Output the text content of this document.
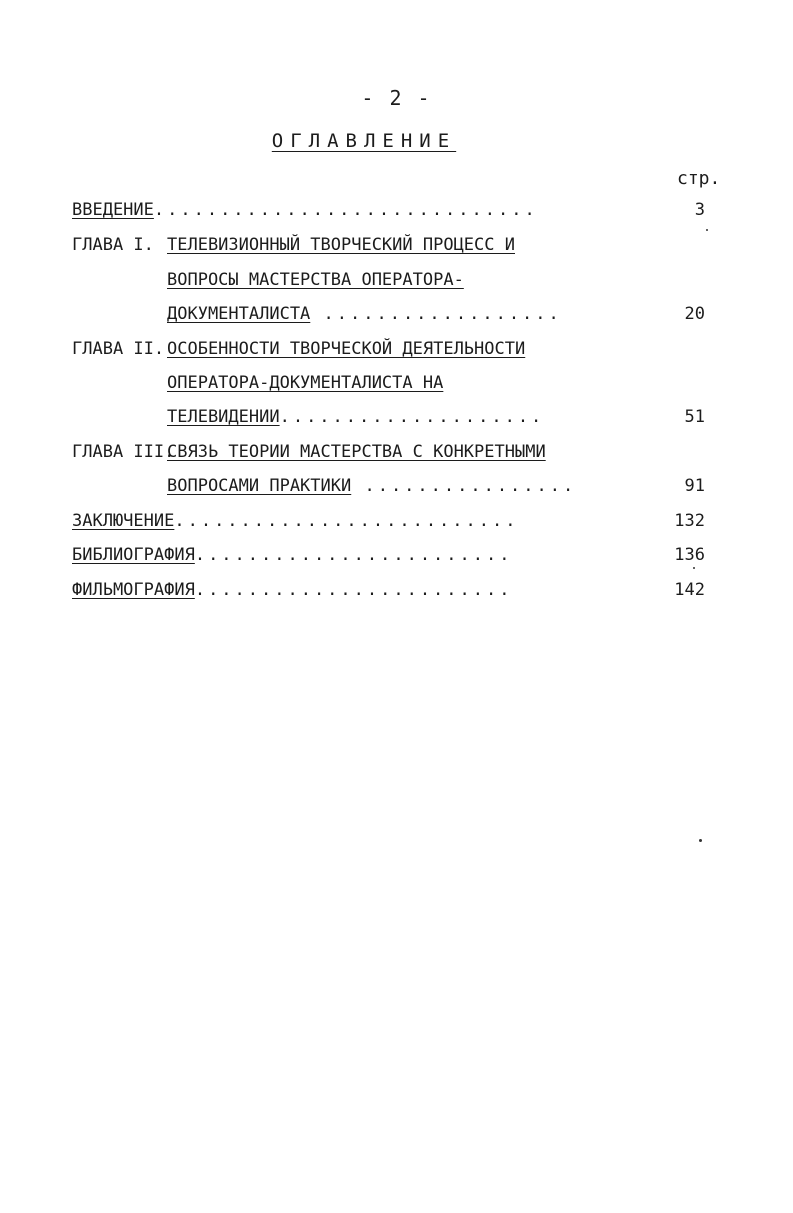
- 2 -
ОГЛАВЛЕНИЕ
стр.
ВВЕДЕНИЕ.............................	3
ГЛАВА I. ТЕЛЕВИЗИОННЫЙ ТВОРЧЕСКИЙ ПРОЦЕСС И
ВОПРОСЫ МАСТЕРСТВА ОПЕРАТОРА-
ДОКУМЕНТАЛИСТА ..................	20
ГЛАВА II. ОСОБЕННОСТИ ТВОРЧЕСКОЙ ДЕЯТЕЛЬНОСТИ
ОПЕРАТОРА-ДОКУМЕНТАЛИСТА НА
ТЕЛЕВИДЕНИИ....................	51
ГЛАВА III.
СВЯЗЬ ТЕОРИИ МАСТЕРСТВА С КОНКРЕТНЫМИ
ВОПРОСАМИ ПРАКТИКИ ................	91
ЗАКЛЮЧЕНИЕ..........................	132
БИБЛИОГРАФИЯ........................	136
ФИЛЬМОГРАФИЯ........................	142
